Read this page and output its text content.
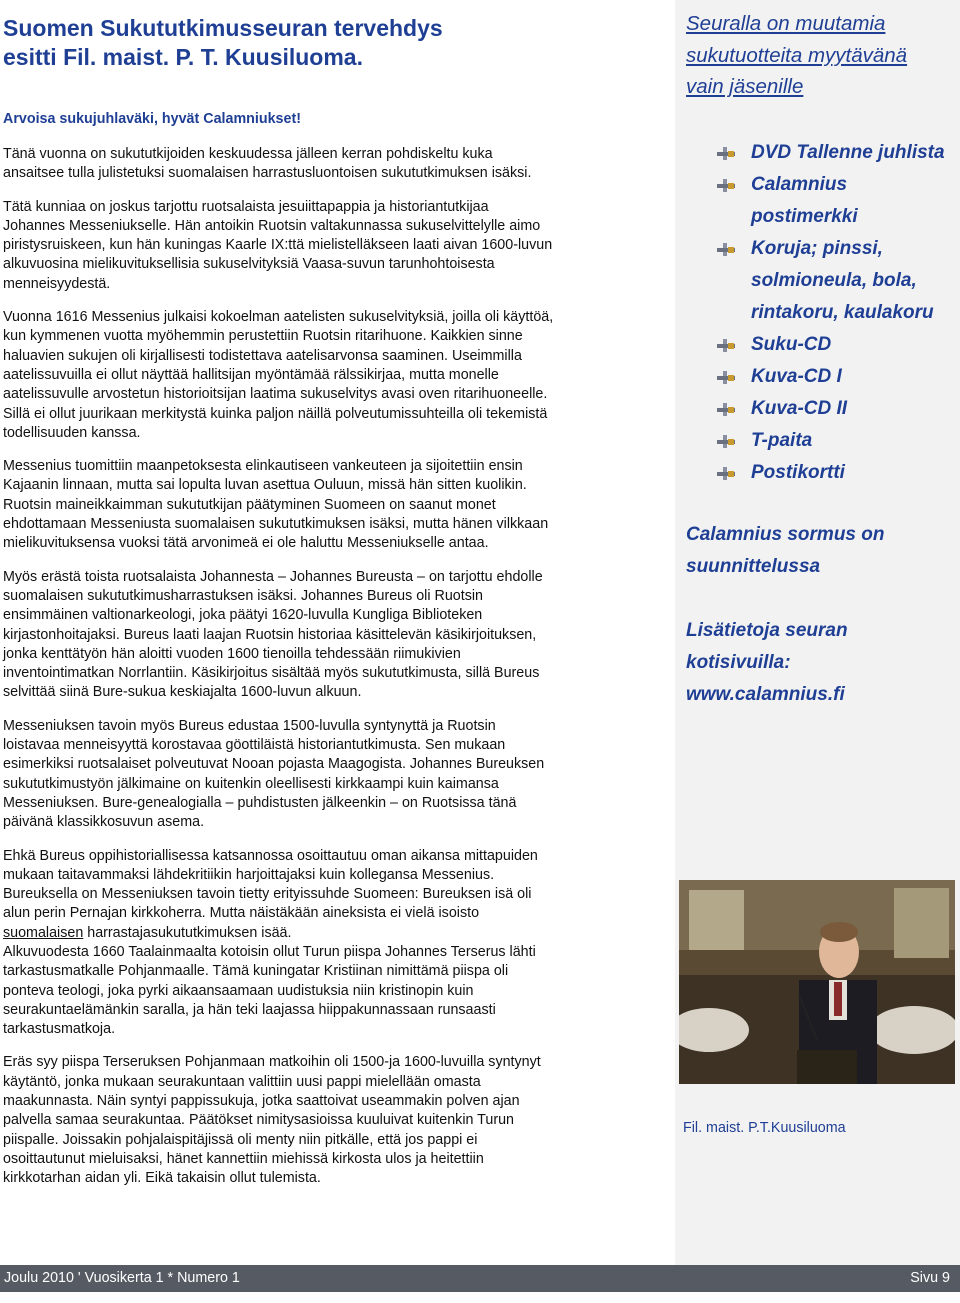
Suomen Sukututkimusseuran tervehdys
esitti Fil. maist. P. T. Kuusiluoma.
Arvoisa sukujuhlaväki, hyvät Calamniukset!
Tänä vuonna on sukututkijoiden keskuudessa jälleen kerran pohdiskeltu kuka
ansaitsee tulla julistetuksi suomalaisen harrastusluontoisen sukututkimuksen isäksi.
Tätä kunniaa on joskus tarjottu ruotsalaista jesuiittapappia ja historiantutkijaa
Johannes Messeniukselle. Hän antoikin Ruotsin valtakunnassa sukuselvittelylle aimo
piristysruiskeen, kun hän kuningas Kaarle IX:ttä mielistelläkseen laati aivan 1600-luvun
alkuvuosina mielikuvituksellisia sukuselvityksiä Vaasa-suvun tarunhohtoisesta
menneisyydestä.
Vuonna 1616 Messenius julkaisi kokoelman aatelisten sukuselvityksiä, joilla oli käyttöä,
kun kymmenen vuotta myöhemmin perustettiin Ruotsin ritarihuone. Kaikkien sinne
haluavien sukujen oli kirjallisesti todistettava aatelisarvonsa saaminen. Useimmilla
aatelissuvuilla ei ollut näyttää hallitsijan myöntämää rälssikirjaa, mutta monelle
aatelissuvulle arvostetun historioitsijan laatima sukuselvitys avasi oven ritarihuoneelle.
Sillä ei ollut juurikaan merkitystä kuinka paljon näillä polveutumissuhteilla oli tekemistä
todellisuuden kanssa.
Messenius tuomittiin maanpetoksesta elinkautiseen vankeuteen ja sijoitettiin ensin
Kajaanin linnaan, mutta sai lopulta luvan asettua Ouluun, missä hän sitten kuolikin.
Ruotsin maineikkaimman sukututkijan päätyminen Suomeen on saanut monet
ehdottamaan Messeniusta suomalaisen sukututkimuksen isäksi, mutta hänen vilkkaan
mielikuvituksensa vuoksi tätä arvonimeä ei ole haluttu Messeniukselle antaa.
Myös erästä toista ruotsalaista Johannesta – Johannes Bureusta – on tarjottu ehdolle
suomalaisen sukututkimusharrastuksen isäksi. Johannes Bureus oli Ruotsin
ensimmäinen valtionarkeologi, joka päätyi 1620-luvulla Kungliga Biblioteken
kirjastonhoitajaksi. Bureus laati laajan Ruotsin historiaa käsittelevän käsikirjoituksen,
jonka kenttätyön hän aloitti vuoden 1600 tienoilla tehdessään riimukivien
inventointimatkan Norrlantiin. Käsikirjoitus sisältää myös sukututkimusta, sillä Bureus
selvittää siinä Bure-sukua keskiajalta 1600-luvun alkuun.
Messeniuksen tavoin myös Bureus edustaa 1500-luvulla syntynyttä ja Ruotsin
loistavaa menneisyyttä korostavaa göottiläistä historiantutkimusta. Sen mukaan
esimerkiksi ruotsalaiset polveutuvat Nooan pojasta Maagogista. Johannes Bureuksen
sukututkimustyön jälkimaine on kuitenkin oleellisesti kirkkaampi kuin kaimansa
Messeniuksen. Bure-genealogialla – puhdistusten jälkeenkin – on Ruotsissa tänä
päivänä klassikkosuvun asema.
Ehkä Bureus oppihistoriallisessa katsannossa osoittautuu oman aikansa mittapuiden
mukaan taitavammaksi lähdekritiikin harjoittajaksi kuin kollegansa Messenius.
Bureuksella on Messeniuksen tavoin tietty erityissuhde Suomeen: Bureuksen isä oli
alun perin Pernajan kirkkoherra. Mutta näistäkään aineksista ei vielä isoisto
suomalaisen harrastajasukututkimuksen isää.
Alkuvuodesta 1660 Taalainmaalta kotoisin ollut Turun piispa Johannes Terserus lähti
tarkastusmatkalle Pohjanmaalle. Tämä kuningatar Kristiinan nimittämä piispa oli
ponteva teologi, joka pyrki aikaansaamaan uudistuksia niin kristinopin kuin
seurakuntaelämänkin saralla, ja hän teki laajassa hiippakunnassaan runsaasti
tarkastusmatkoja.
Eräs syy piispa Terseruksen Pohjanmaan matkoihin oli 1500-ja 1600-luvuilla syntynyt
käytäntö, jonka mukaan seurakuntaan valittiin uusi pappi mielellään omasta
maakunnasta. Näin syntyi pappissukuja, jotka saattoivat useammakin polven ajan
palvella samaa seurakuntaa. Päätökset nimitysasioissa kuuluivat kuitenkin Turun
piispalle. Joissakin pohjalaispitäjissä oli menty niin pitkälle, että jos pappi ei
osoittautunut mieluisaksi, hänet kannettiin miehissä kirkosta ulos ja heitettiin
kirkkotarhan aidan yli. Eikä takaisin ollut tulemista.
Seuralla on muutamia
sukutuotteita myytävänä
vain jäsenille
DVD Tallenne juhlista
Calamnius
postimerkki
Koruja; pinssi,
solmioneula, bola,
rintakoru, kaulakoru
Suku-CD
Kuva-CD I
Kuva-CD II
T-paita
Postikortti
Calamnius sormus on
suunnittelussa
Lisätietoja seuran
kotisivuilla:
www.calamnius.fi
Fil. maist. P.T.Kuusiluoma
Joulu 2010 ' Vuosikerta 1 * Numero 1	Sivu 9
